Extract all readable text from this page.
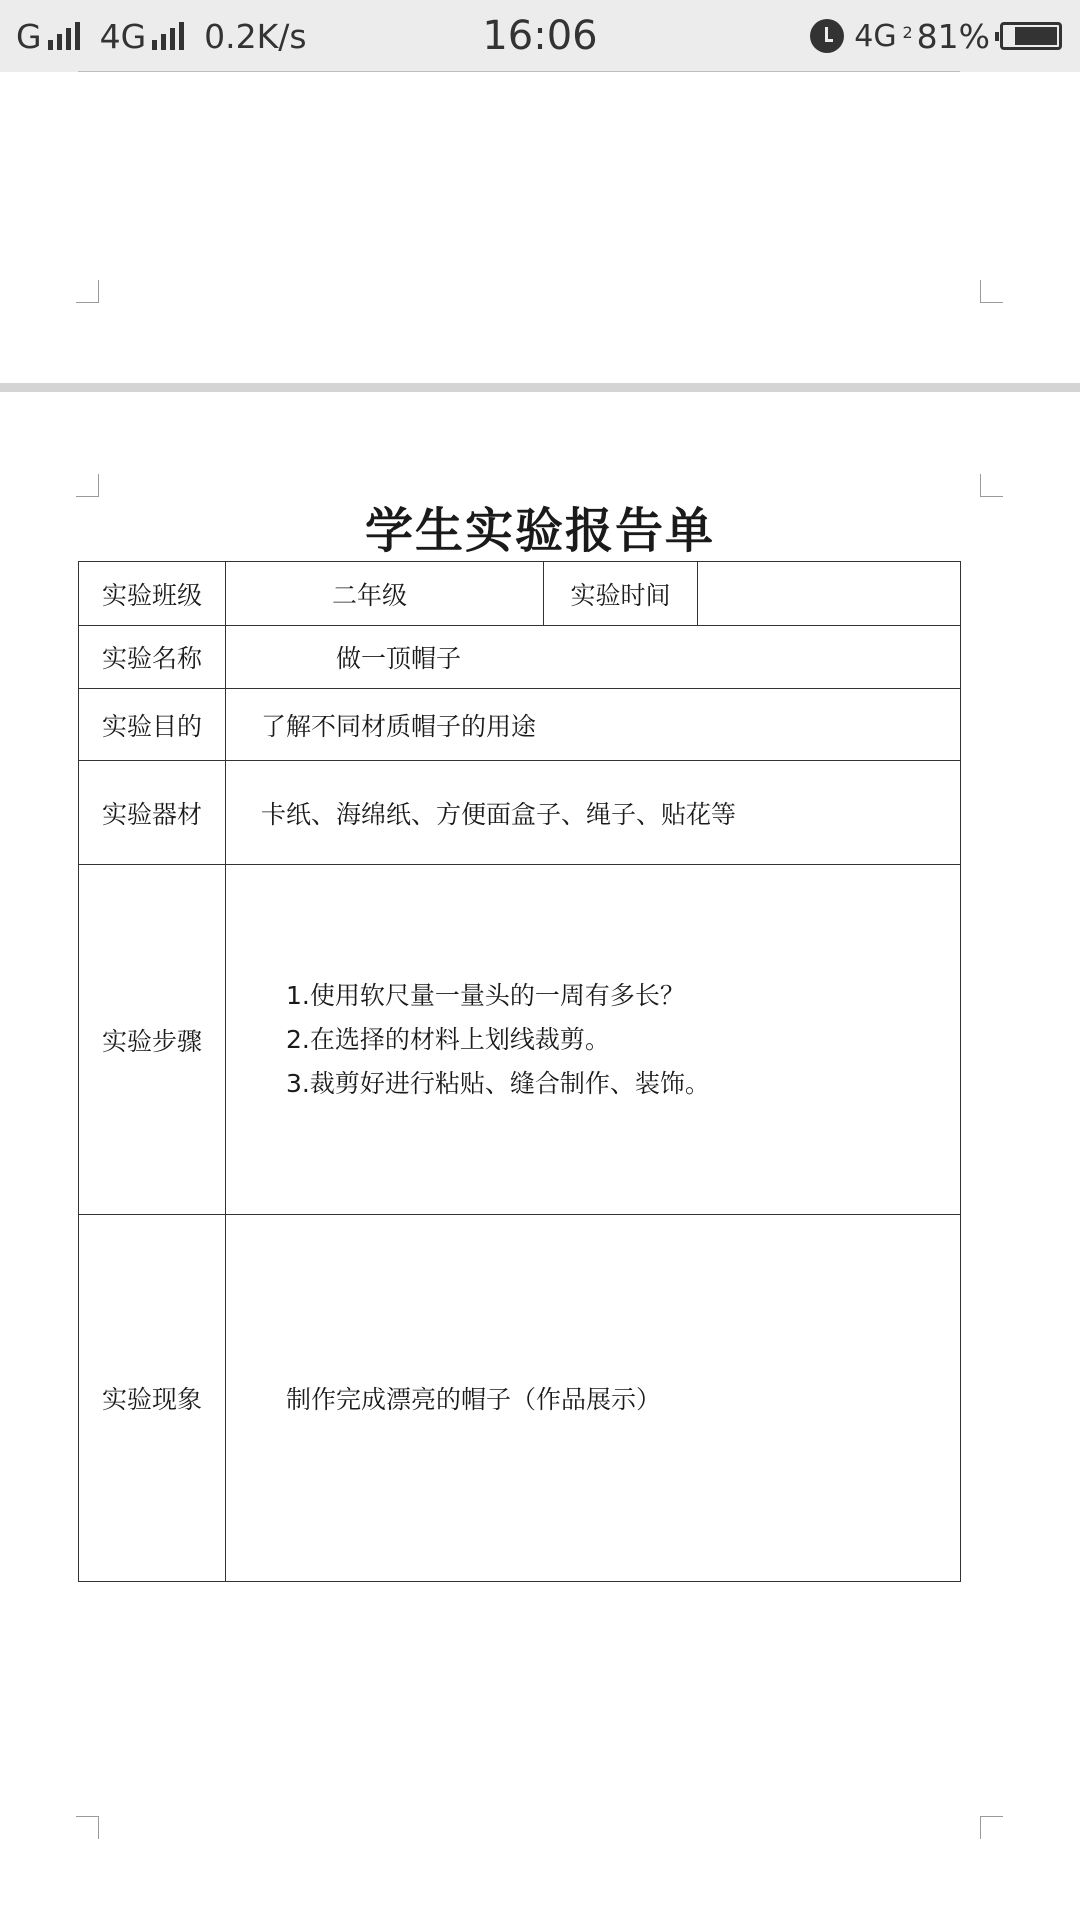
G 4G 0.2K/s	16:06	4G 2 81%
学生实验报告单
实验班级	二年级	实验时间	
实验名称	做一顶帽子		
实验目的	了解不同材质帽子的用途		
实验器材	卡纸、海绵纸、方便面盒子、绳子、贴花等		
实验步骤	1.使用软尺量一量头的一周有多长？
2.在选择的材料上划线裁剪。
3.裁剪好进行粘贴、缝合制作、装饰。		

实验现象	制作完成漂亮的帽子（作品展示）		
